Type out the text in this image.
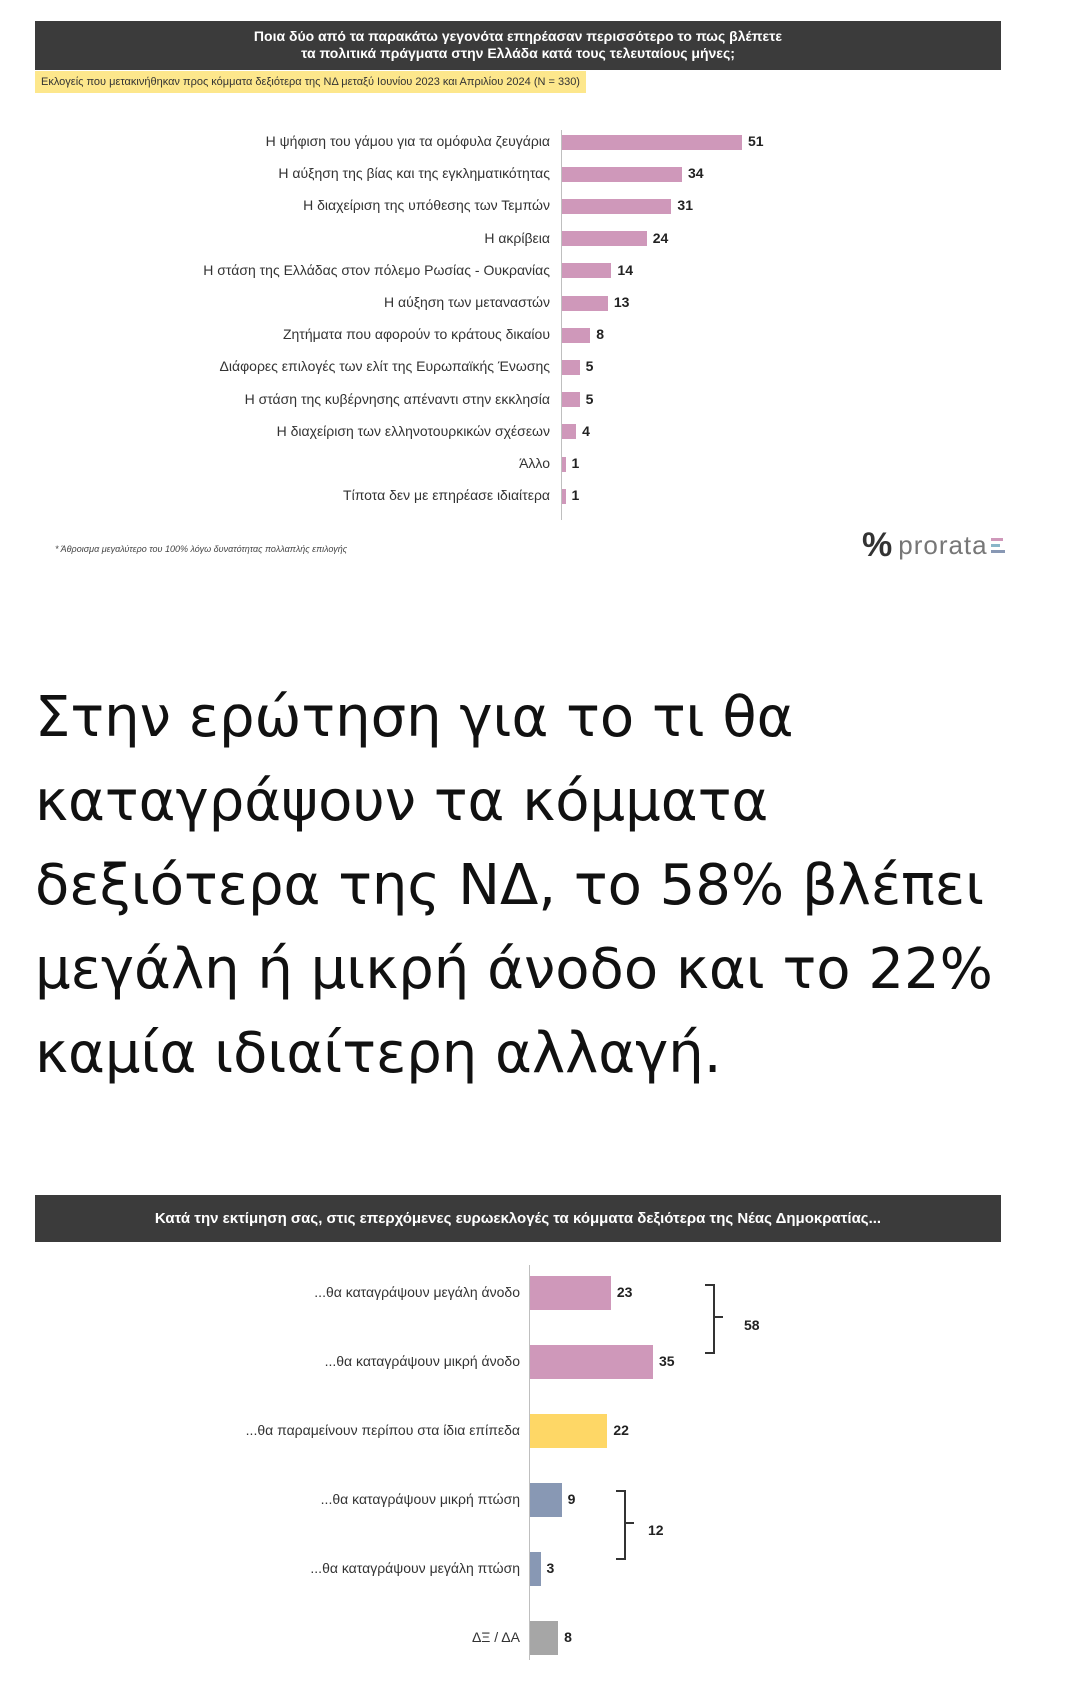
Ποια δύο από τα παρακάτω γεγονότα επηρέασαν περισσότερο το πως βλέπετε
τα πολιτικά πράγματα στην Ελλάδα κατά τους τελευταίους μήνες;
Εκλογείς που μετακινήθηκαν προς κόμματα δεξιότερα της ΝΔ μεταξύ Ιουνίου 2023 και Απριλίου 2024 (Ν = 330)
Η ψήφιση του γάμου για τα ομόφυλα ζευγάρια	51
Η αύξηση της βίας και της εγκληματικότητας	34
Η διαχείριση της υπόθεσης των Τεμπών	31
Η ακρίβεια	24
Η στάση της Ελλάδας στον πόλεμο Ρωσίας - Ουκρανίας	14
Η αύξηση των μεταναστών	13
Ζητήματα που αφορούν το κράτους δικαίου	8
Διάφορες επιλογές των ελίτ της Ευρωπαϊκής Ένωσης	5
Η στάση της κυβέρνησης απέναντι στην εκκλησία	5
Η διαχείριση των ελληνοτουρκικών σχέσεων 4
Άλλο 1
Τίποτα δεν με επηρέασε ιδιαίτερα 1
* Άθροισμα μεγαλύτερο του 100% λόγω δυνατότητας πολλαπλής επιλογής	% prorata
Στην ερώτηση για το τι θα καταγράψουν τα κόμματα δεξιότερα της ΝΔ, το 58% βλέπει μεγάλη ή μικρή άνοδο και το 22% καμία ιδιαίτερη αλλαγή.
Κατά την εκτίμηση σας, στις επερχόμενες ευρωεκλογές τα κόμματα δεξιότερα της Νέας Δημοκρατίας...
...θα καταγράψουν μεγάλη άνοδο	23
...θα καταγράψουν μικρή άνοδο	35
...θα παραμείνουν περίπου στα ίδια επίπεδα	22
...θα καταγράψουν μικρή πτώση	9
...θα καταγράψουν μεγάλη πτώση 3
ΔΞ / ΔΑ	8
58
12
